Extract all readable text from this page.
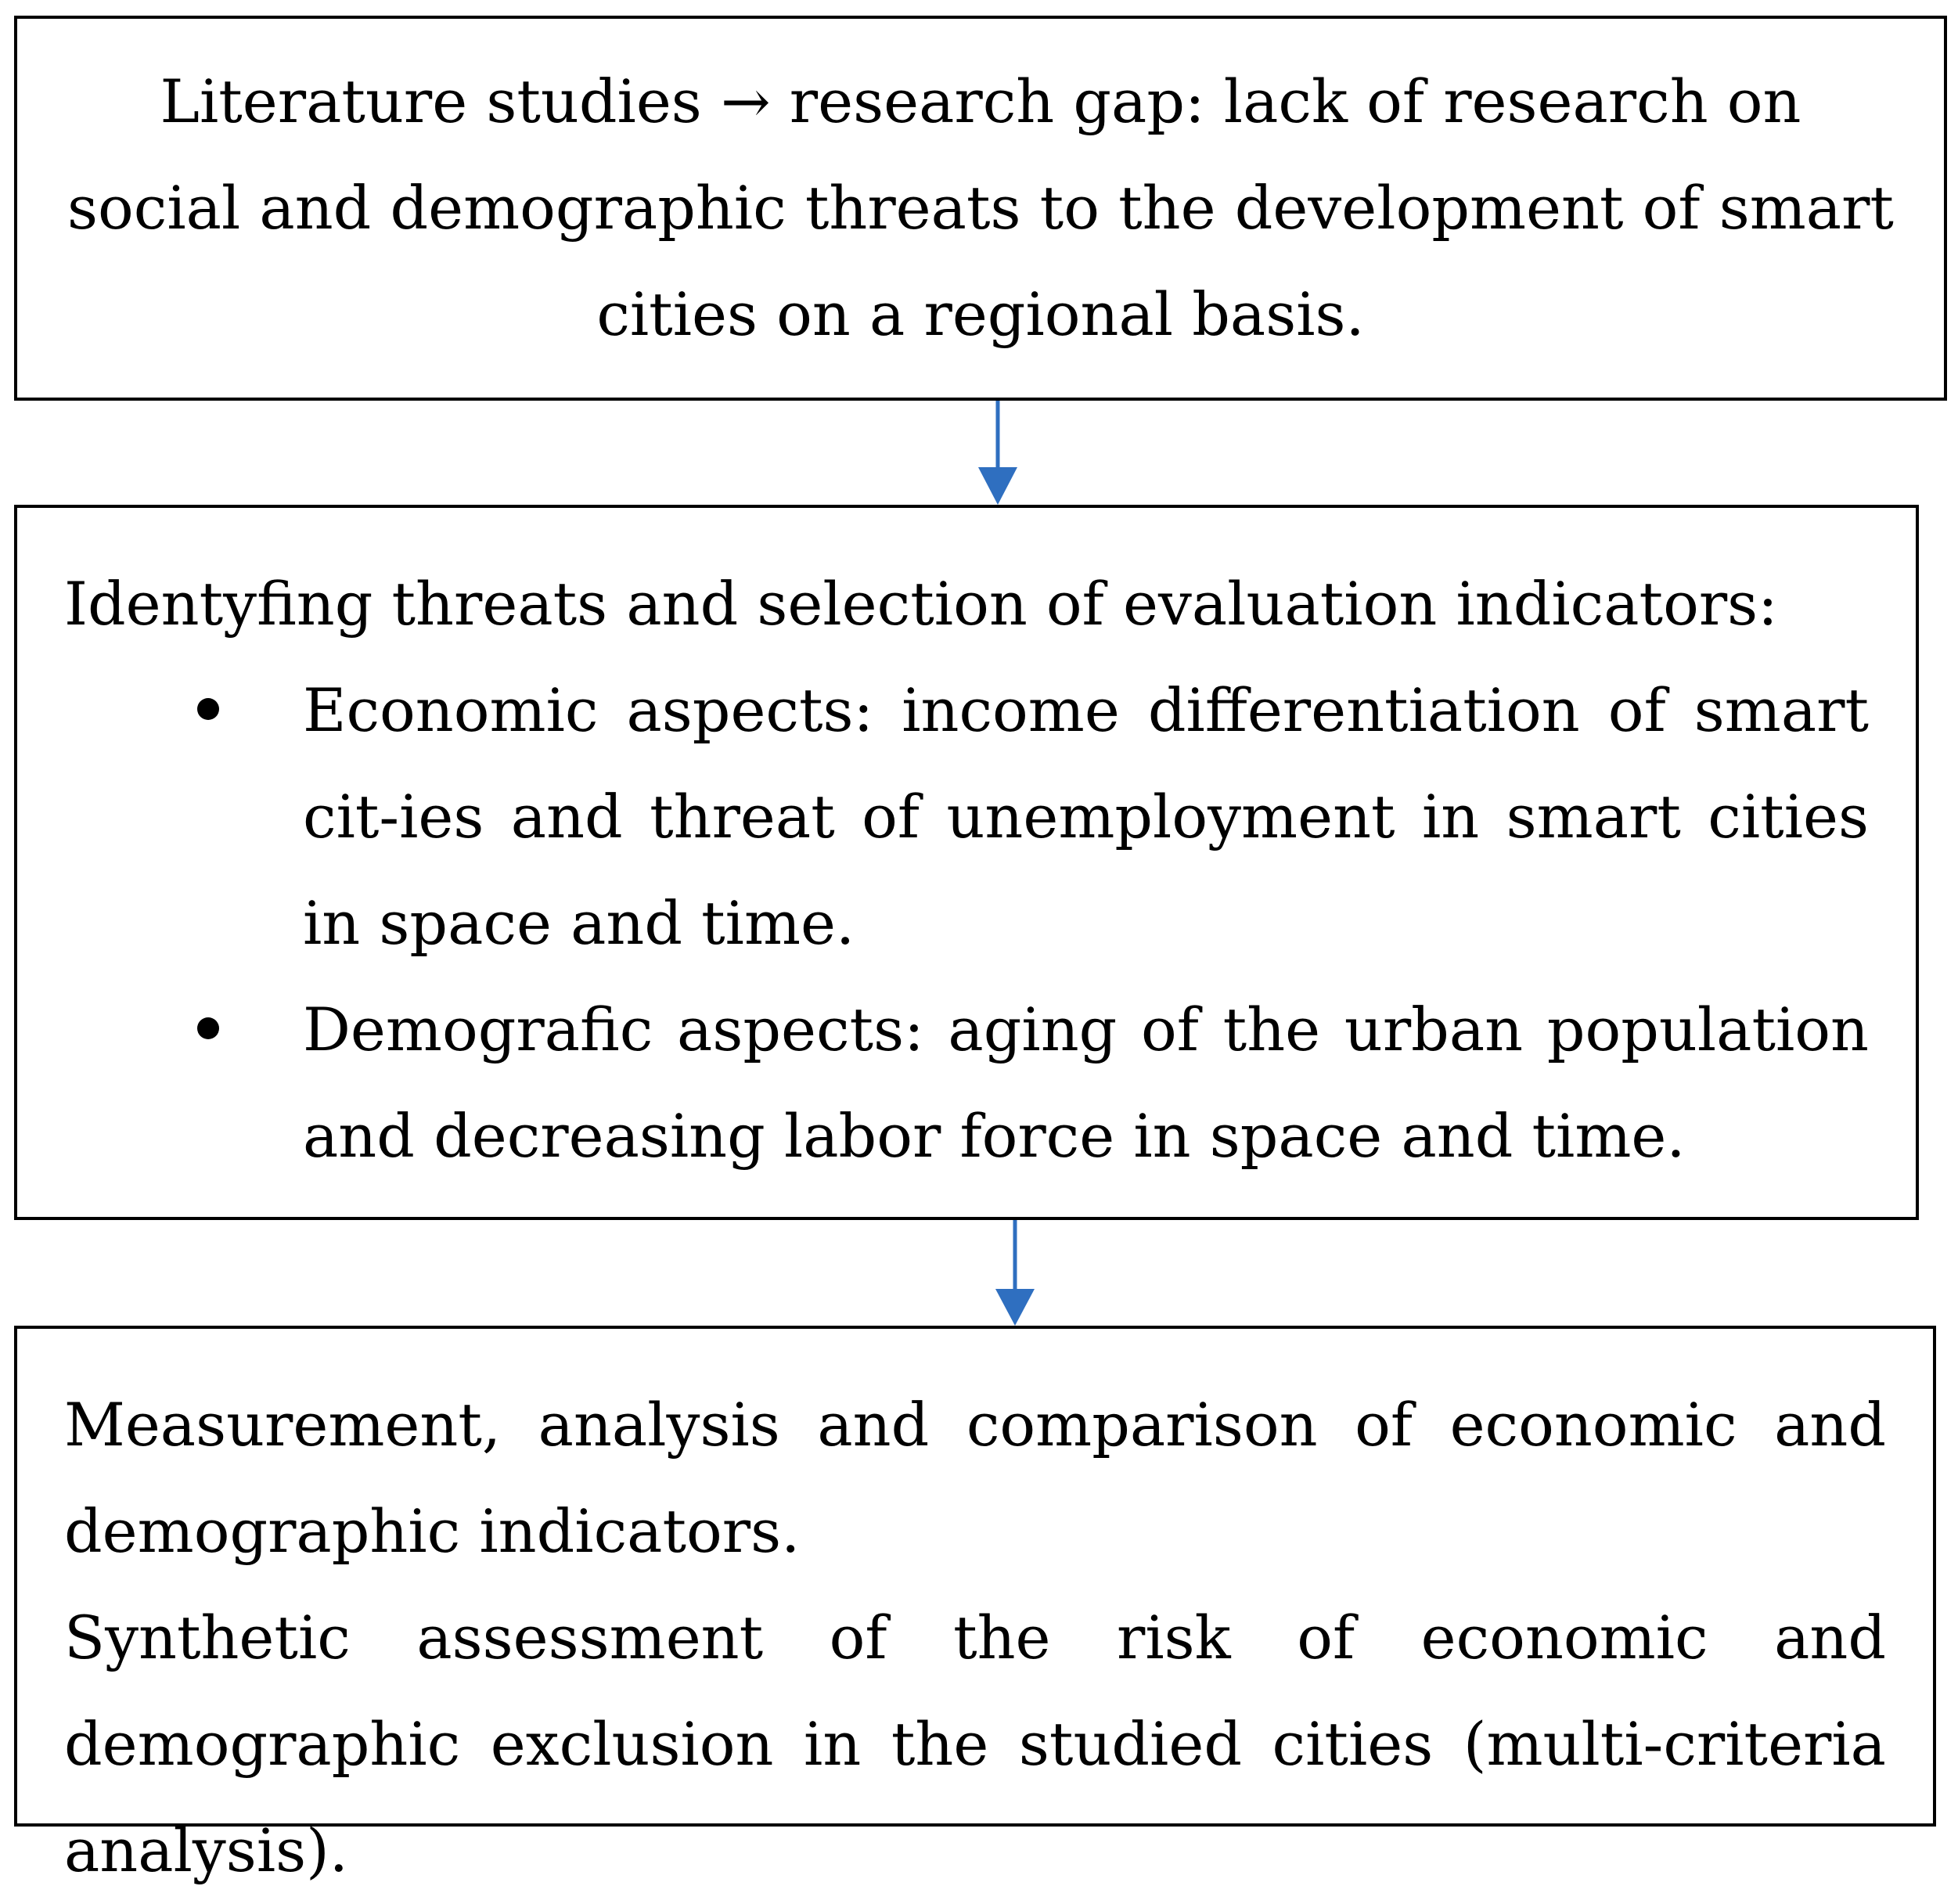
Literature studies → research gap: lack of research on social and demographic threats to the development of smart cities on a regional basis.
Identyfing threats and selection of evaluation indicators:
Economic aspects: income differentiation of smart cit-ies and threat of unemployment in smart cities in space and time.
Demografic aspects: aging of the urban population and decreasing labor force in space and time.
Measurement, analysis and comparison of economic and demographic indicators.
Synthetic assessment of the risk of economic and demographic exclusion in the studied cities (multi-criteria analysis).
